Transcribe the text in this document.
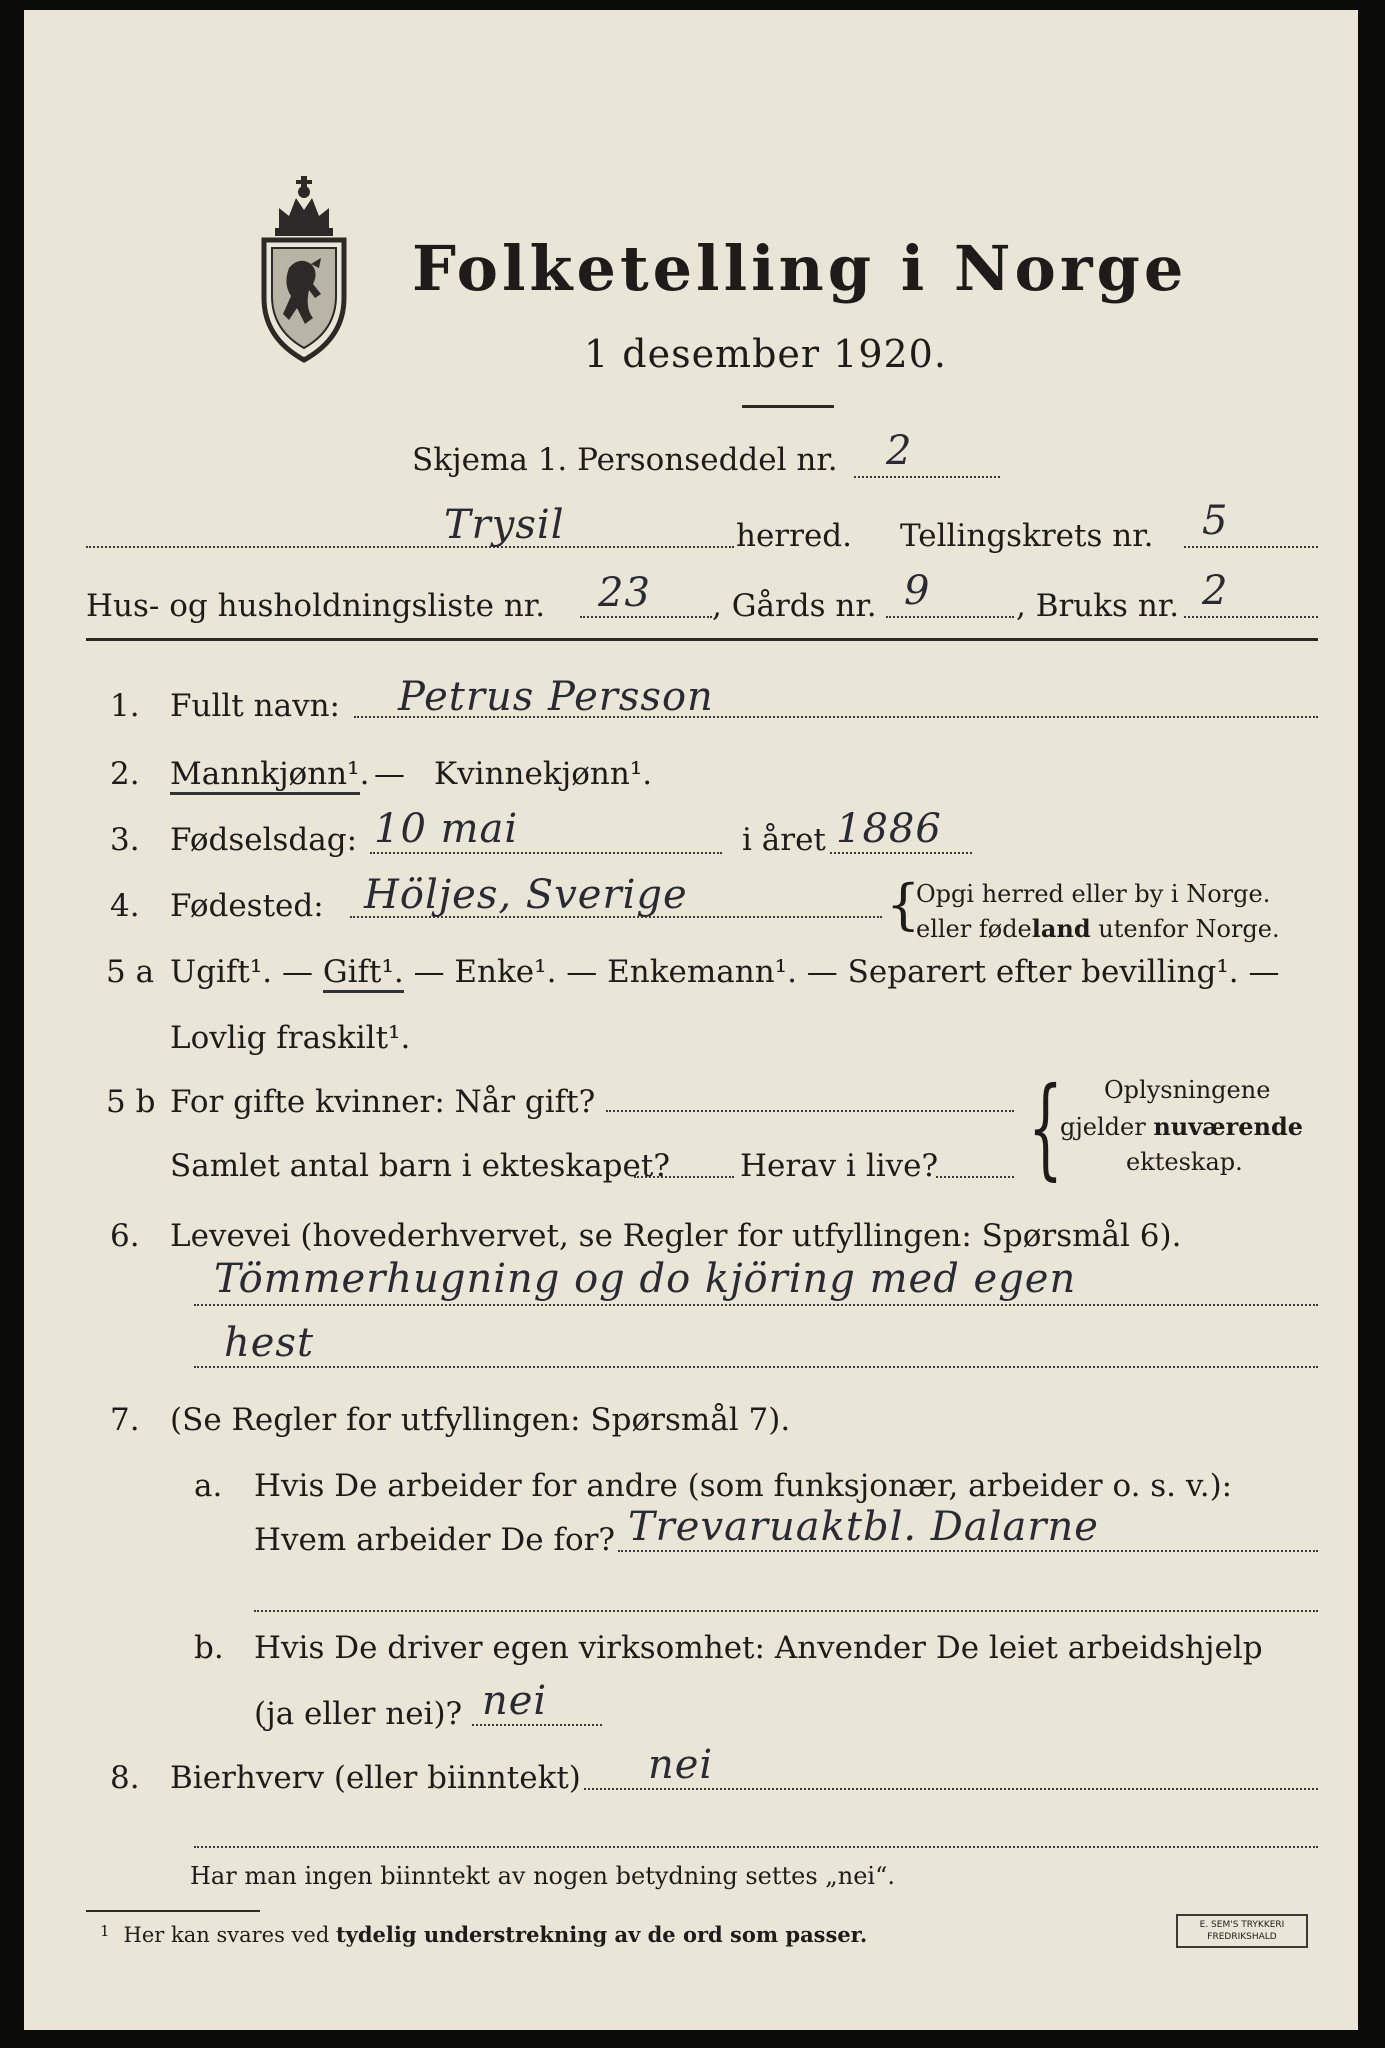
Folketelling i Norge
1 desember 1920.
Skjema 1. Personseddel nr. 2
Trysil	herred. Tellingskrets nr. 5
Hus- og husholdningsliste nr. 23 , Gårds nr. 9	, Bruks nr. 2
1. Fullt navn: Petrus Persson
2. Mannkjønn¹. — Kvinnekjønn¹.
3. Fødselsdag: 10 mai	i året 1886
4. Fødested: Höljes, Sverige	{
Opgi herred eller by i Norge.
eller fødeland utenfor Norge.
5 a Ugift¹. — Gift¹. — Enke¹. — Enkemann¹. — Separert efter bevilling¹. —
Lovlig fraskilt¹.
5 b For gifte kvinner: Når gift?
Samlet antal barn i ekteskapet? Herav i live? { Oplysningene
gjelder nuværende
ekteskap.
6. Levevei (hovederhvervet, se Regler for utfyllingen: Spørsmål 6).
Tömmerhugning og do kjöring med egen
hest
7. (Se Regler for utfyllingen: Spørsmål 7).
a. Hvis De arbeider for andre (som funksjonær, arbeider o. s. v.):
Hvem arbeider De for? Trevaruaktbl. Dalarne
b. Hvis De driver egen virksomhet: Anvender De leiet arbeidshjelp
(ja eller nei)? nei
8. Bierhverv (eller biinntekt) nei
Har man ingen biinntekt av nogen betydning settes „nei“.
$^1$ Her kan svares ved tydelig understrekning av de ord som passer.	E. SEM'S TRYKKERI
FREDRIKSHALD
